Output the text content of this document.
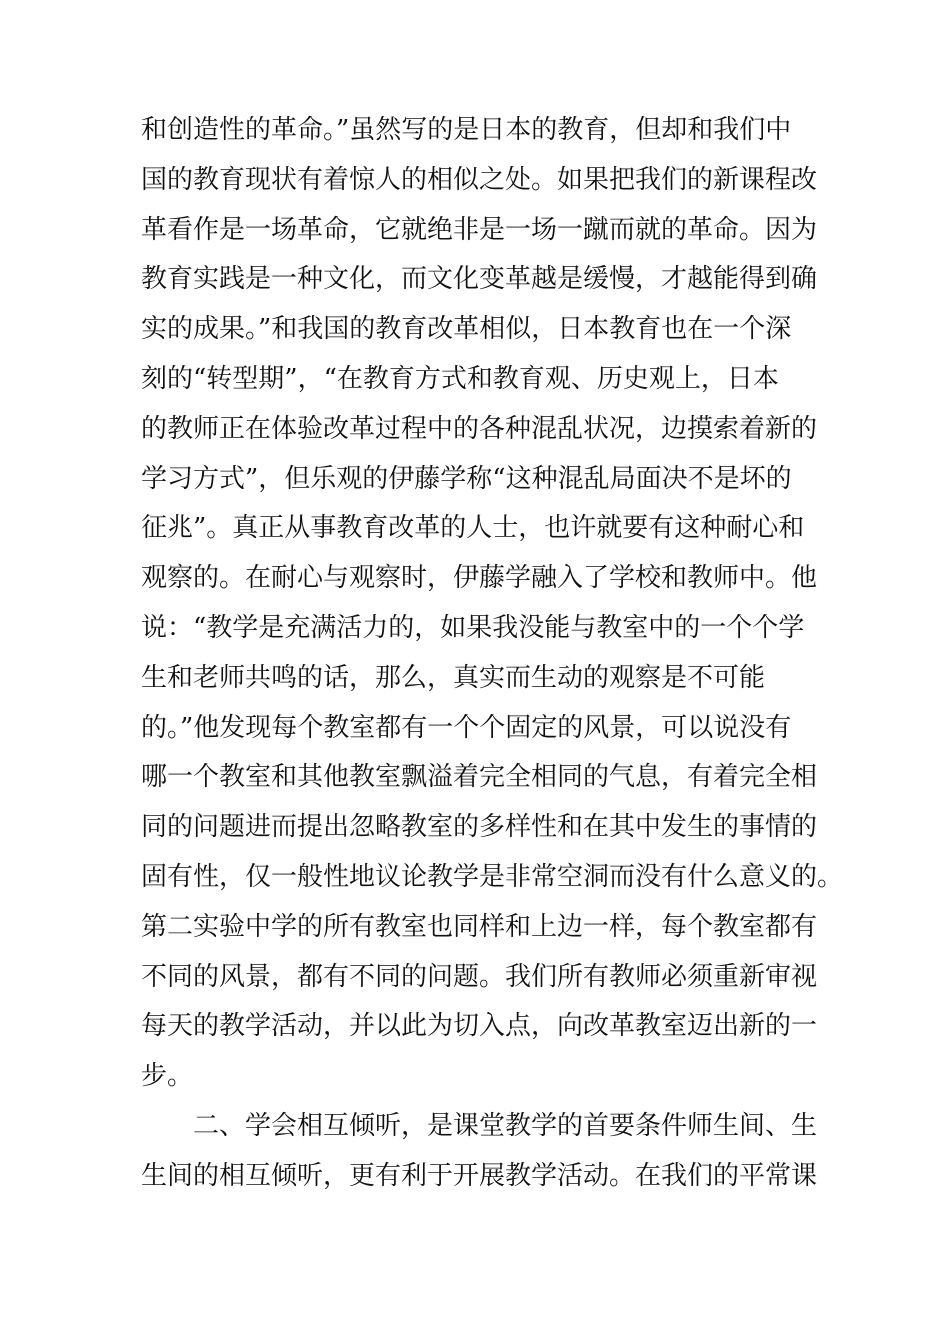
和创造性的革命。”虽然写的是日本的教育，但却和我们中
国的教育现状有着惊人的相似之处。如果把我们的新课程改
革看作是一场革命，它就绝非是一场一蹴而就的革命。因为
教育实践是一种文化，而文化变革越是缓慢，才越能得到确
实的成果。”和我国的教育改革相似，日本教育也在一个深
刻的“转型期”，“在教育方式和教育观、历史观上，日本
的教师正在体验改革过程中的各种混乱状况，边摸索着新的
学习方式”，但乐观的伊藤学称“这种混乱局面决不是坏的
征兆”。真正从事教育改革的人士，也许就要有这种耐心和
观察的。在耐心与观察时，伊藤学融入了学校和教师中。他
说：“教学是充满活力的，如果我没能与教室中的一个个学
生和老师共鸣的话，那么，真实而生动的观察是不可能
的。”他发现每个教室都有一个个固定的风景，可以说没有
哪一个教室和其他教室飘溢着完全相同的气息，有着完全相
同的问题进而提出忽略教室的多样性和在其中发生的事情的
固有性，仅一般性地议论教学是非常空洞而没有什么意义的。
第二实验中学的所有教室也同样和上边一样，每个教室都有
不同的风景，都有不同的问题。我们所有教师必须重新审视
每天的教学活动，并以此为切入点，向改革教室迈出新的一
步。
二、学会相互倾听，是课堂教学的首要条件师生间、生
生间的相互倾听，更有利于开展教学活动。在我们的平常课
